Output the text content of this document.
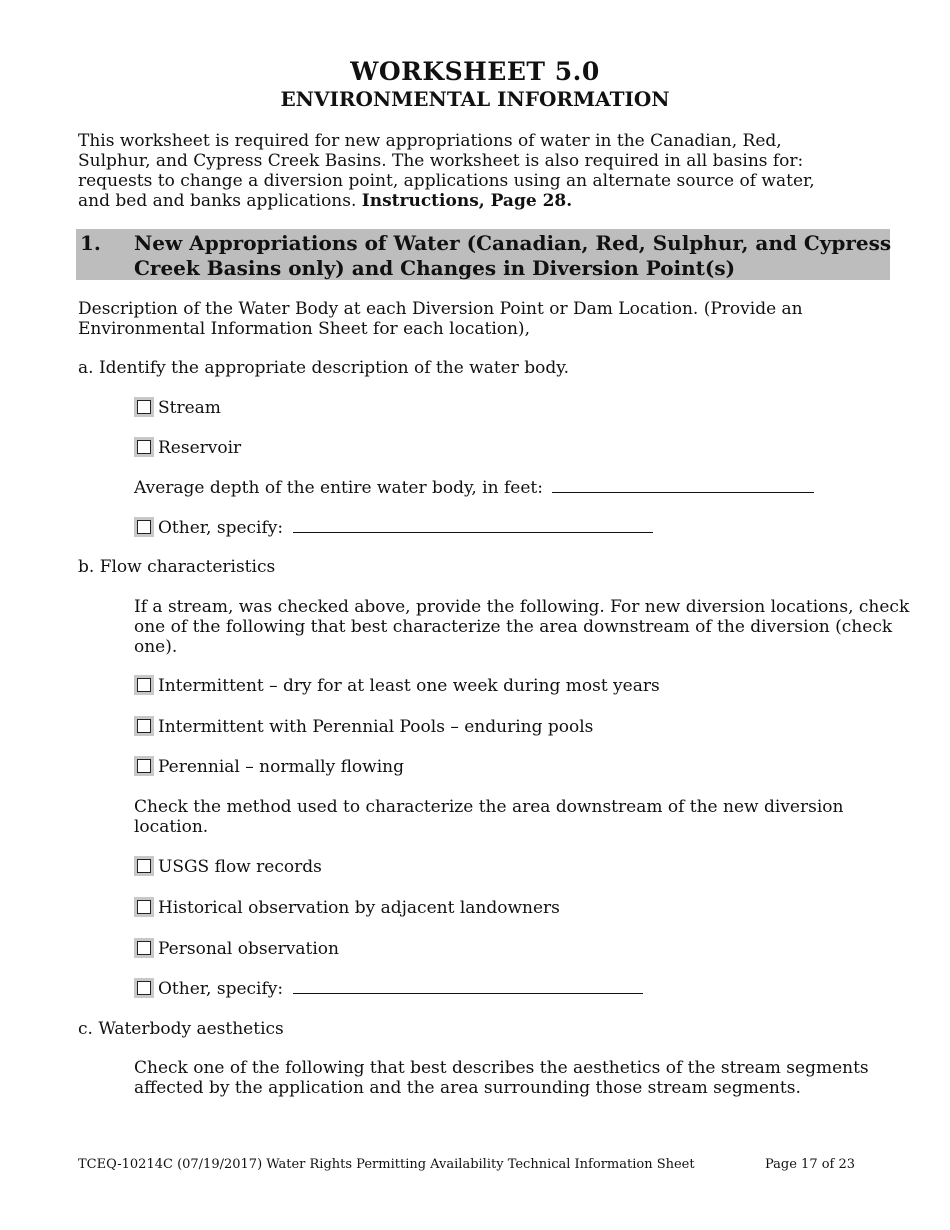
WORKSHEET 5.0
ENVIRONMENTAL INFORMATION
This worksheet is required for new appropriations of water in the Canadian, Red,
Sulphur, and Cypress Creek Basins. The worksheet is also required in all basins for:
requests to change a diversion point, applications using an alternate source of water,
and bed and banks applications. Instructions, Page 28.
1. New Appropriations of Water (Canadian, Red, Sulphur, and Cypress
Creek Basins only) and Changes in Diversion Point(s)
Description of the Water Body at each Diversion Point or Dam Location. (Provide an
Environmental Information Sheet for each location),
a. Identify the appropriate description of the water body.
Stream
Reservoir
Average depth of the entire water body, in feet:
Other, specify:
b. Flow characteristics
If a stream, was checked above, provide the following. For new diversion locations, check
one of the following that best characterize the area downstream of the diversion (check
one).
Intermittent – dry for at least one week during most years
Intermittent with Perennial Pools – enduring pools
Perennial – normally flowing
Check the method used to characterize the area downstream of the new diversion
location.
USGS flow records
Historical observation by adjacent landowners
Personal observation
Other, specify:
c. Waterbody aesthetics
Check one of the following that best describes the aesthetics of the stream segments
affected by the application and the area surrounding those stream segments.
TCEQ-10214C (07/19/2017) Water Rights Permitting Availability Technical Information Sheet	Page 17 of 23
